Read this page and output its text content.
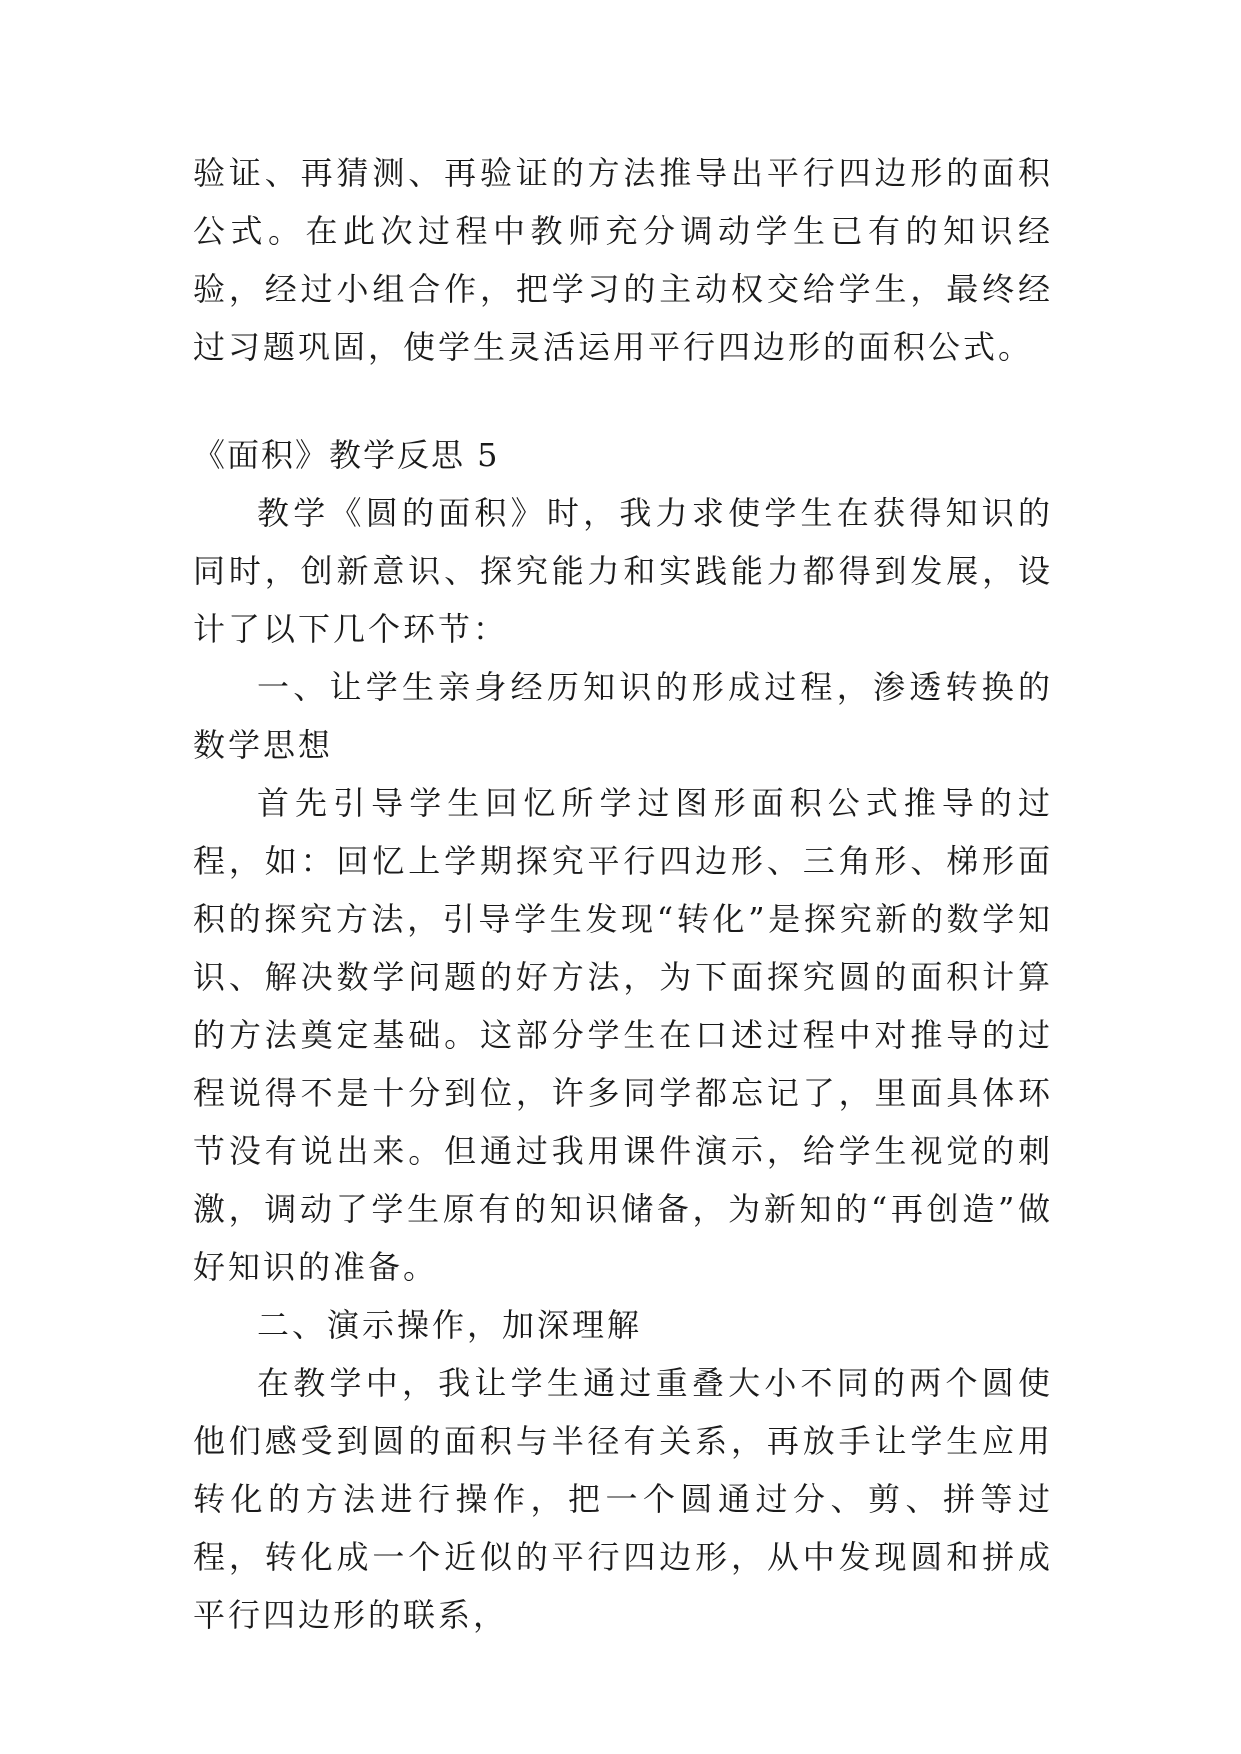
验证、再猜测、再验证的方法推导出平行四边形的面积公式。在此次过程中教师充分调动学生已有的知识经验，经过小组合作，把学习的主动权交给学生，最终经过习题巩固，使学生灵活运用平行四边形的面积公式。

《面积》教学反思 5

教学《圆的面积》时，我力求使学生在获得知识的同时，创新意识、探究能力和实践能力都得到发展，设计了以下几个环节：

一、让学生亲身经历知识的形成过程，渗透转换的数学思想

首先引导学生回忆所学过图形面积公式推导的过程，如：回忆上学期探究平行四边形、三角形、梯形面积的探究方法，引导学生发现“转化”是探究新的数学知识、解决数学问题的好方法，为下面探究圆的面积计算的方法奠定基础。这部分学生在口述过程中对推导的过程说得不是十分到位，许多同学都忘记了，里面具体环节没有说出来。但通过我用课件演示，给学生视觉的刺激，调动了学生原有的知识储备，为新知的“再创造”做好知识的准备。

二、演示操作，加深理解

在教学中，我让学生通过重叠大小不同的两个圆使他们感受到圆的面积与半径有关系，再放手让学生应用转化的方法进行操作，把一个圆通过分、剪、拼等过程，转化成一个近似的平行四边形，从中发现圆和拼成平行四边形的联系，
